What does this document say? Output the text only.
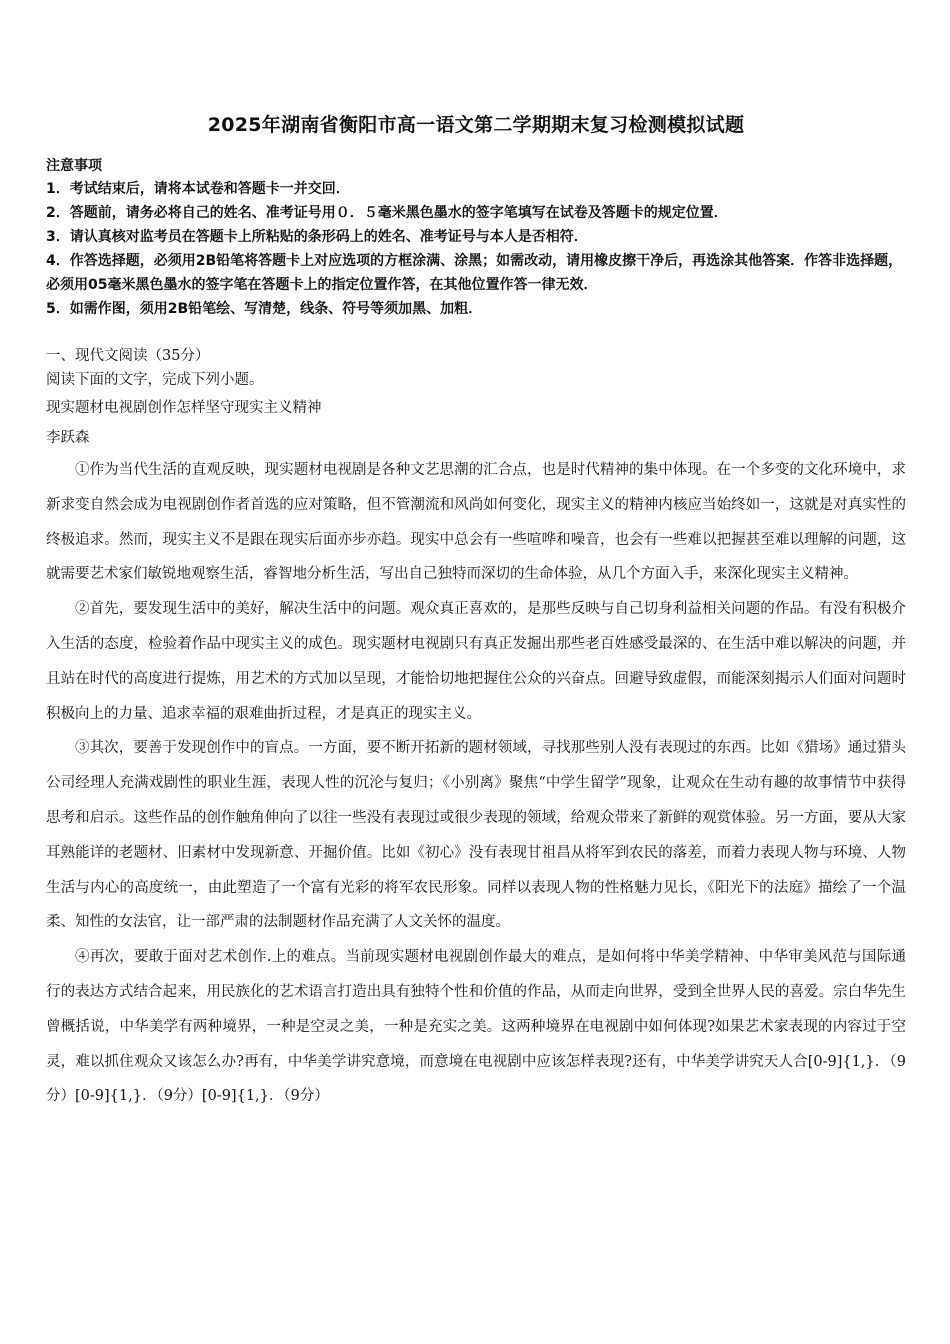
2025年湖南省衡阳市高一语文第二学期期末复习检测模拟试题
注意事项
1．考试结束后，请将本试卷和答题卡一并交回．
2．答题前，请务必将自己的姓名、准考证号用０．５毫米黑色墨水的签字笔填写在试卷及答题卡的规定位置．
3．请认真核对监考员在答题卡上所粘贴的条形码上的姓名、准考证号与本人是否相符．
4．作答选择题，必须用2B铅笔将答题卡上对应选项的方框涂满、涂黑；如需改动，请用橡皮擦干净后，再选涂其他答案．作答非选择题，必须用05毫米黑色墨水的签字笔在答题卡上的指定位置作答，在其他位置作答一律无效．
5．如需作图，须用2B铅笔绘、写清楚，线条、符号等须加黑、加粗．
一、现代文阅读（35分）
阅读下面的文字，完成下列小题。
现实题材电视剧创作怎样坚守现实主义精神
李跃森

①作为当代生活的直观反映，现实题材电视剧是各种文艺思潮的汇合点，也是时代精神的集中体现。在一个多变的文化环境中，求新求变自然会成为电视剧创作者首选的应对策略，但不管潮流和风尚如何变化，现实主义的精神内核应当始终如一，这就是对真实性的终极追求。然而，现实主义不是跟在现实后面亦步亦趋。现实中总会有一些喧哗和噪音，也会有一些难以把握甚至难以理解的问题，这就需要艺术家们敏锐地观察生活，睿智地分析生活，写出自己独特而深切的生命体验，从几个方面入手，来深化现实主义精神。

②首先，要发现生活中的美好，解决生活中的问题。观众真正喜欢的，是那些反映与自己切身利益相关问题的作品。有没有积极介入生活的态度，检验着作品中现实主义的成色。现实题材电视剧只有真正发掘出那些老百姓感受最深的、在生活中难以解决的问题，并且站在时代的高度进行提炼，用艺术的方式加以呈现，才能恰切地把握住公众的兴奋点。回避导致虚假，而能深刻揭示人们面对问题时积极向上的力量、追求幸福的艰难曲折过程，才是真正的现实主义。

③其次，要善于发现创作中的盲点。一方面，要不断开拓新的题材领域，寻找那些别人没有表现过的东西。比如《猎场》通过猎头公司经理人充满戏剧性的职业生涯，表现人性的沉沦与复归；《小别离》聚焦“中学生留学”现象，让观众在生动有趣的故事情节中获得思考和启示。这些作品的创作触角伸向了以往一些没有表现过或很少表现的领域，给观众带来了新鲜的观赏体验。另一方面，要从大家耳熟能详的老题材、旧素材中发现新意、开掘价值。比如《初心》没有表现甘祖昌从将军到农民的落差，而着力表现人物与环境、人物生活与内心的高度统一，由此塑造了一个富有光彩的将军农民形象。同样以表现人物的性格魅力见长，《阳光下的法庭》描绘了一个温柔、知性的女法官，让一部严肃的法制题材作品充满了人文关怀的温度。

④再次，要敢于面对艺术创作.上的难点。当前现实题材电视剧创作最大的难点，是如何将中华美学精神、中华审美风范与国际通行的表达方式结合起来，用民族化的艺术语言打造出具有独特个性和价值的作品，从而走向世界，受到全世界人民的喜爱。宗白华先生曾概括说，中华美学有两种境界，一种是空灵之美，一种是充实之美。这两种境界在电视剧中如何体现?如果艺术家表现的内容过于空灵，难以抓住观众又该怎么办?再有，中华美学讲究意境，而意境在电视剧中应该怎样表现?还有，中华美学讲究天人合[0-9]{1,}．（9分）[0-9]{1,}．（9分）[0-9]{1,}．（9分）
